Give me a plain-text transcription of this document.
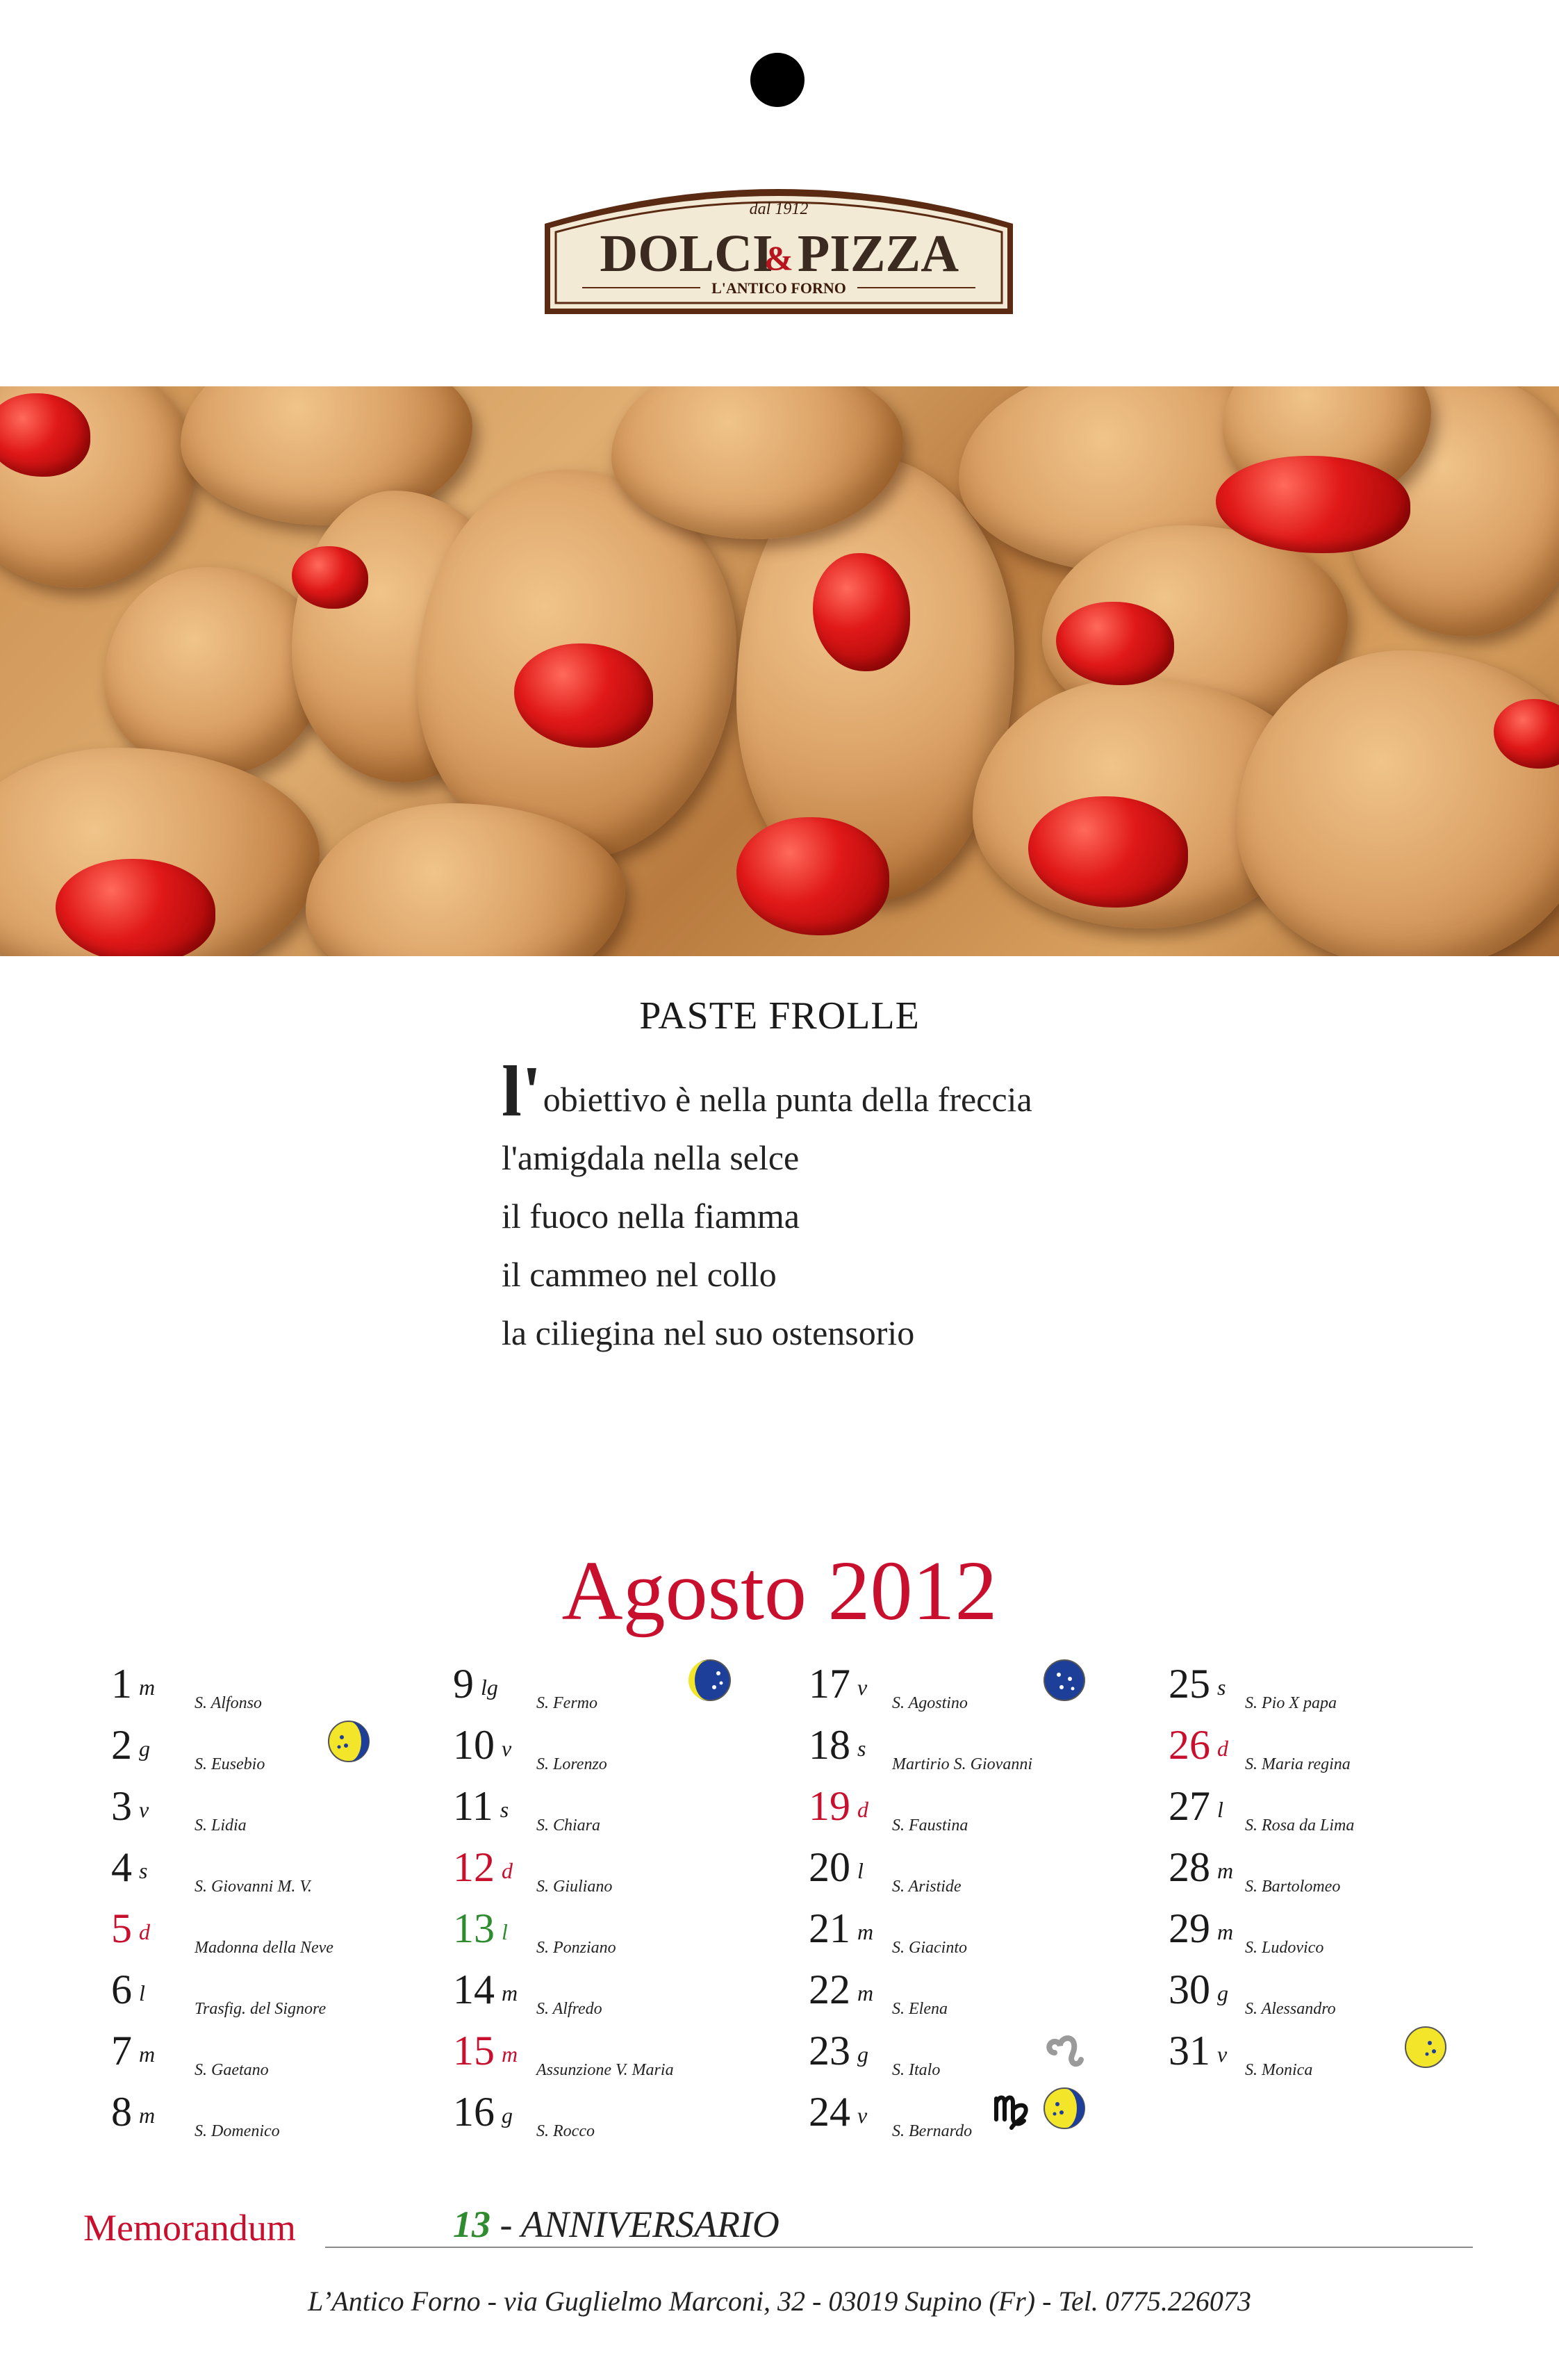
dal 1912
DOLCI
& PIZZA
L'ANTICO FORNO
PASTE FROLLE
l'obiettivo è nella punta della freccia
l'amigdala nella selce
il fuoco nella fiamma
il cammeo nel collo
la ciliegina nel suo ostensorio
Agosto 2012
1 m
S. Alfonso
2 g
S. Eusebio
3 v
S. Lidia
4 s
S. Giovanni M. V.
5 d
Madonna della Neve
6 l
Trasfig. del Signore
7 m
S. Gaetano
8 m
S. Domenico
9 lg
S. Fermo
10 v
S. Lorenzo
11 s
S. Chiara
12 d
S. Giuliano
13 l
S. Ponziano
14 m
S. Alfredo
15 m
Assunzione V. Maria
16 g
S. Rocco
17 v
S. Agostino
18 s
Martirio S. Giovanni
19 d
S. Faustina
20 l
S. Aristide
21 m
S. Giacinto
22 m
S. Elena
23 g
S. Italo
24 v
S. Bernardo
25 s
S. Pio X papa
26 d
S. Maria regina
27 l
S. Rosa da Lima
28 m
S. Bartolomeo
29 m
S. Ludovico
30 g
S. Alessandro
31 v
S. Monica
Memorandum	13 - ANNIVERSARIO
L’Antico Forno - via Guglielmo Marconi, 32 - 03019 Supino (Fr) - Tel. 0775.226073
